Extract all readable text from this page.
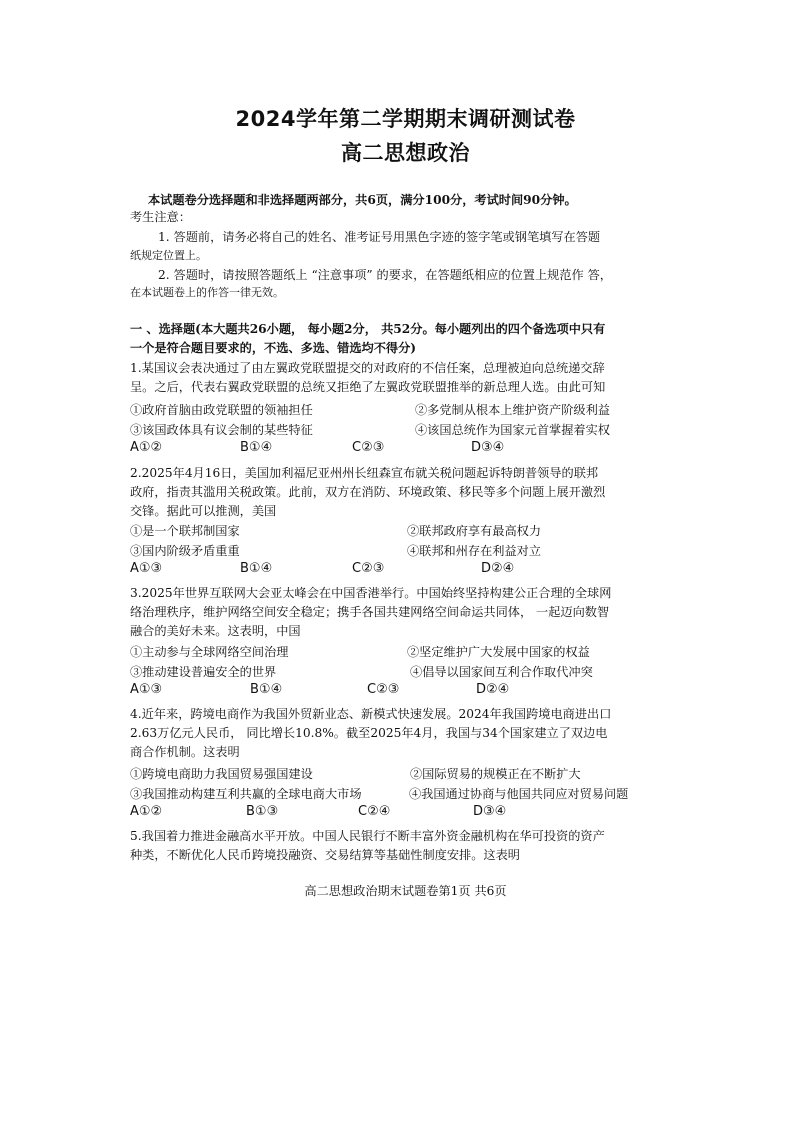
2024学年第二学期期末调研测试卷
高二思想政治
本试题卷分选择题和非选择题两部分，共6页，满分100分，考试时间90分钟。
考生注意：
1. 答题前，请务必将自己的姓名、准考证号用黑色字迹的签字笔或钢笔填写在答题
纸规定位置上。
2. 答题时，请按照答题纸上 “注意事项” 的要求，在答题纸相应的位置上规范作 答，
在本试题卷上的作答一律无效。
一 、选择题(本大题共26小题， 每小题2分， 共52分。每小题列出的四个备选项中只有
一个是符合题目要求的，不选、多选、错选均不得分)
1.某国议会表决通过了由左翼政党联盟提交的对政府的不信任案，总理被迫向总统递交辞
呈。之后，代表右翼政党联盟的总统又拒绝了左翼政党联盟推举的新总理人选。由此可知
①政府首脑由政党联盟的领袖担任	②多党制从根本上维护资产阶级利益
③该国政体具有议会制的某些特征	④该国总统作为国家元首掌握着实权
A①②	B①④	C②③	D③④
2.2025年4月16日，美国加利福尼亚州州长纽森宣布就关税问题起诉特朗普领导的联邦
政府，指责其滥用关税政策。此前，双方在消防、环境政策、移民等多个问题上展开激烈
交锋。据此可以推测，美国
①是一个联邦制国家	②联邦政府享有最高权力
③国内阶级矛盾重重	④联邦和州存在利益对立
A①③	B①④	C②③	D②④
3.2025年世界互联网大会亚太峰会在中国香港举行。中国始终坚持构建公正合理的全球网
络治理秩序，维护网络空间安全稳定；携手各国共建网络空间命运共同体， 一起迈向数智
融合的美好未来。这表明，中国
①主动参与全球网络空间治理	②坚定维护广大发展中国家的权益
③推动建设普遍安全的世界	④倡导以国家间互利合作取代冲突
A①③	B①④	C②③	D②④
4.近年来，跨境电商作为我国外贸新业态、新模式快速发展。2024年我国跨境电商进出口
2.63万亿元人民币， 同比增长10.8%。截至2025年4月，我国与34个国家建立了双边电
商合作机制。这表明
①跨境电商助力我国贸易强国建设	②国际贸易的规模正在不断扩大
③我国推动构建互利共赢的全球电商大市场	④我国通过协商与他国共同应对贸易问题
A①②	B①③	C②④	D③④
5.我国着力推进金融高水平开放。中国人民银行不断丰富外资金融机构在华可投资的资产
种类，不断优化人民币跨境投融资、交易结算等基础性制度安排。这表明
高二思想政治期末试题卷第1页 共6页
